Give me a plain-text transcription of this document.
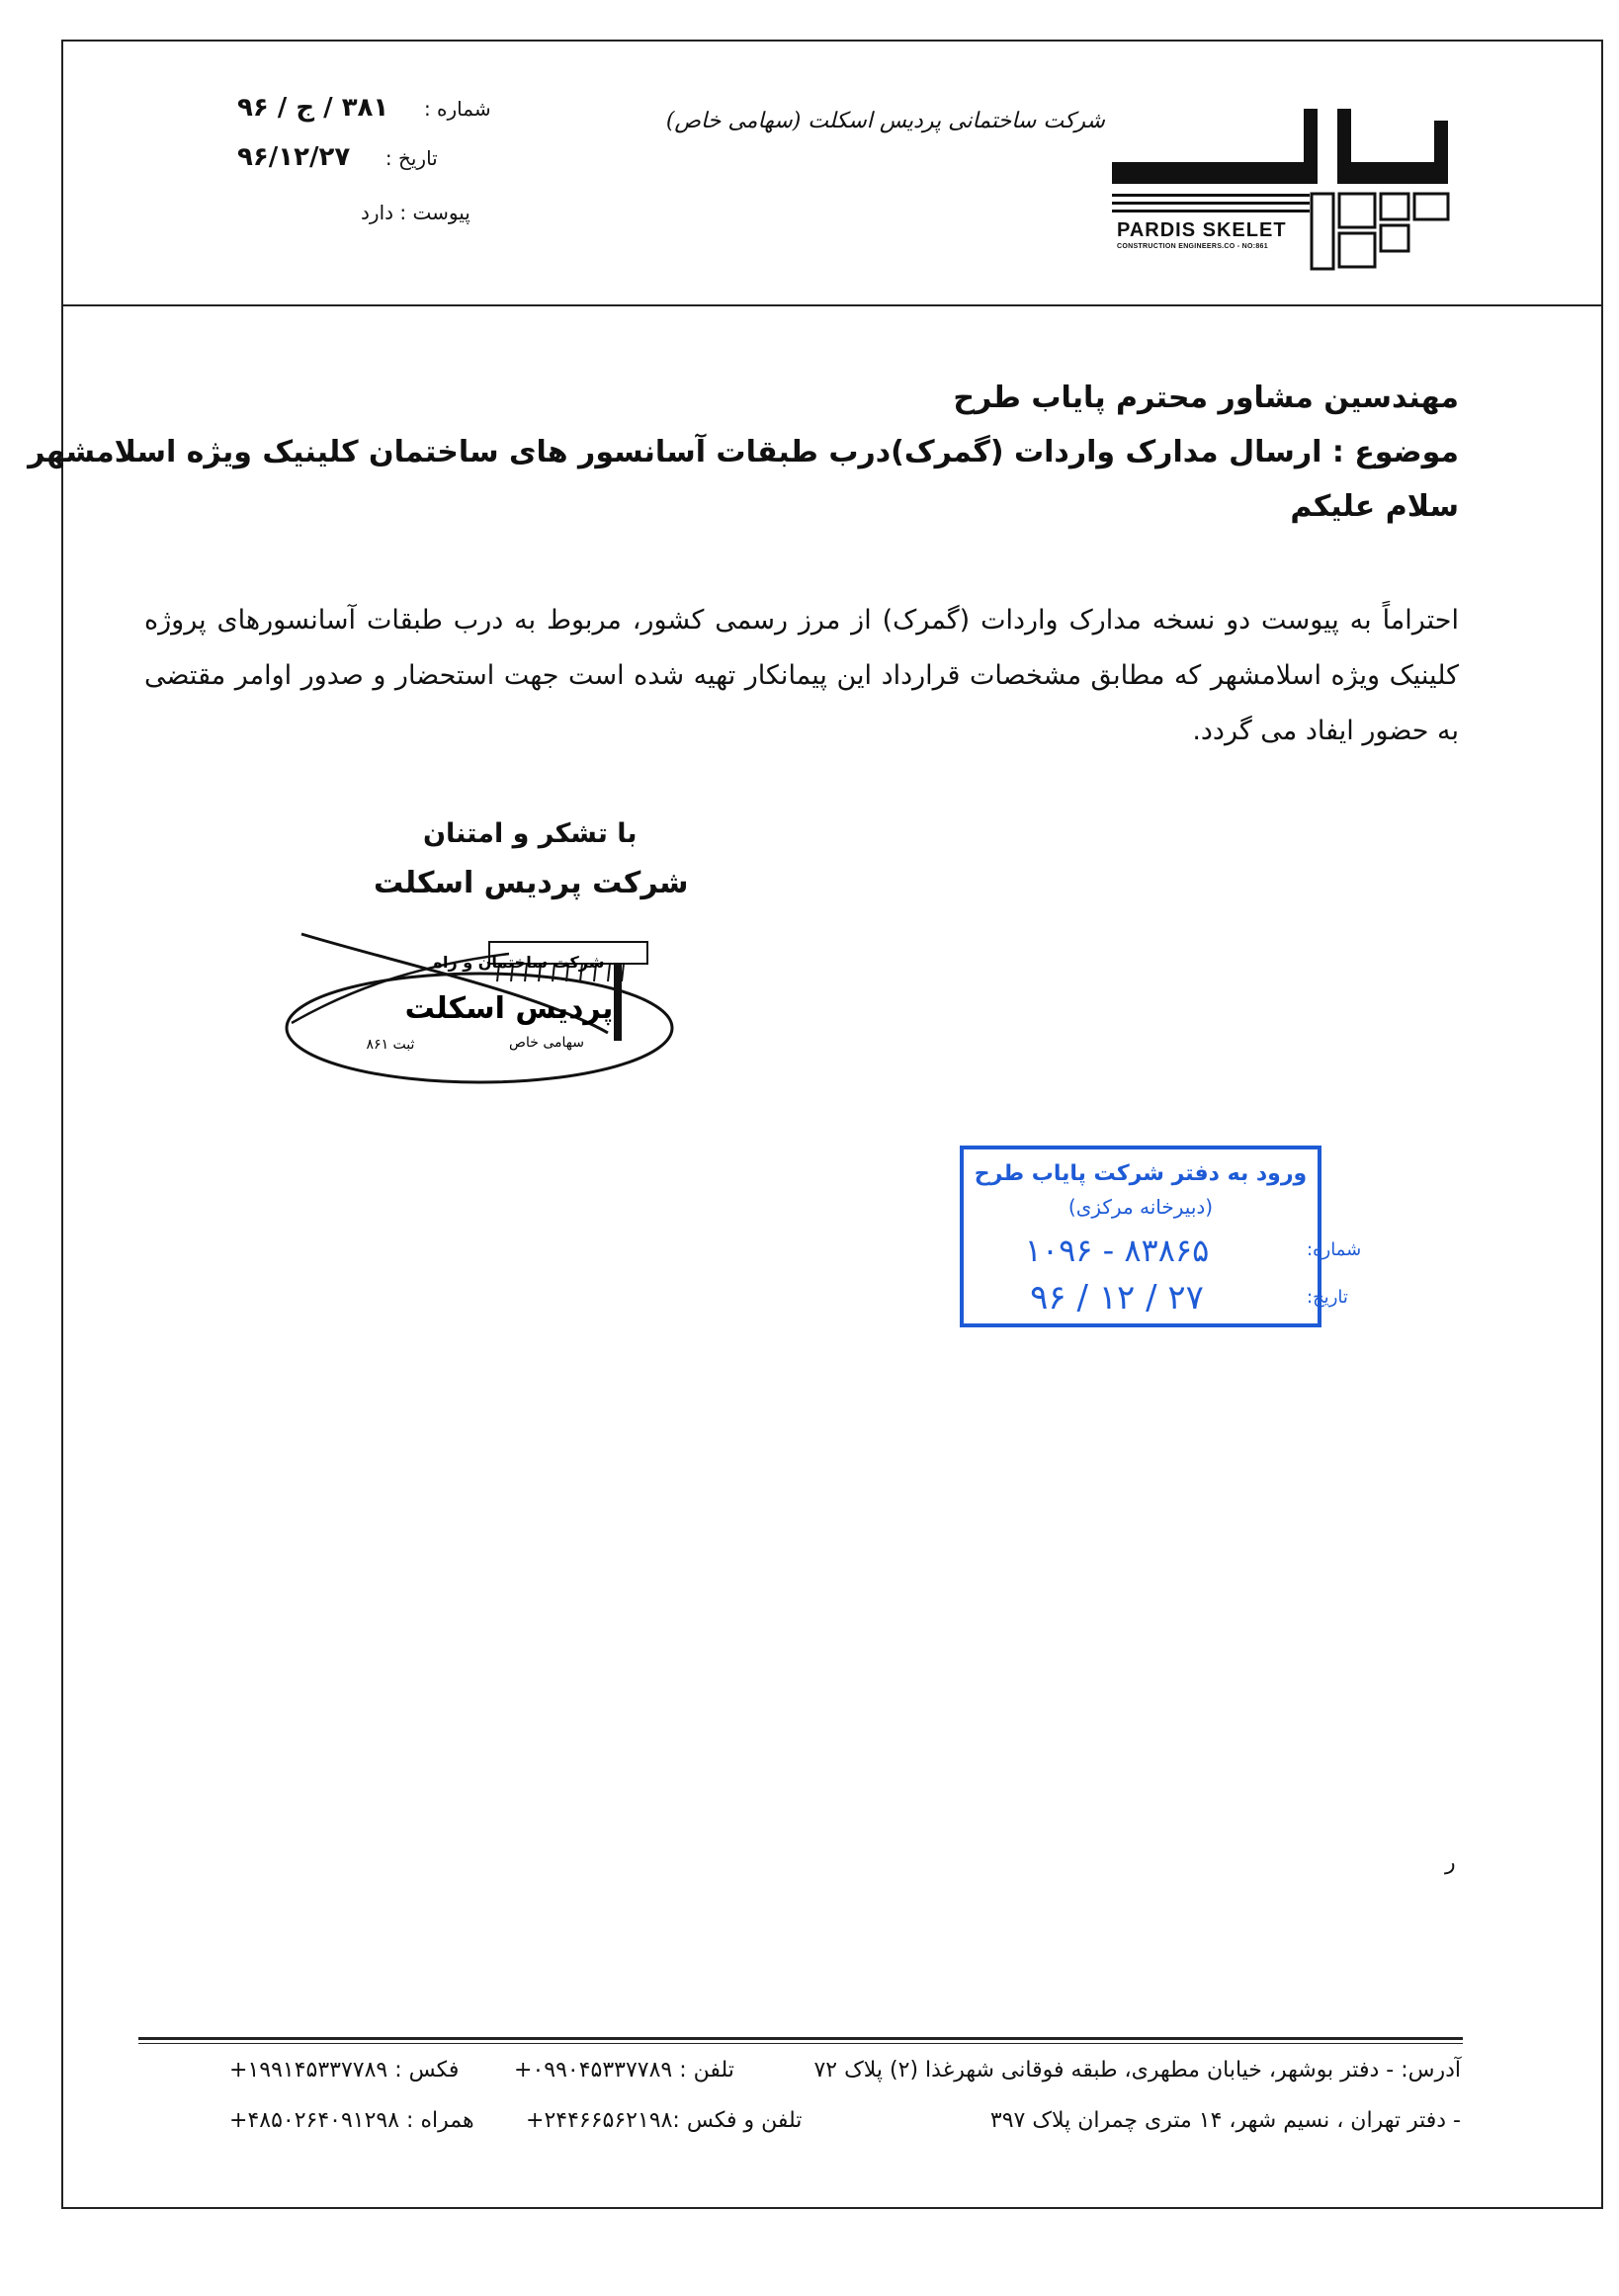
شماره : ۳۸۱ / ج / ۹۶
تاریخ : ۹۶/۱۲/۲۷
پیوست : دارد
شرکت ساختمانی پردیس اسکلت (سهامی خاص)
PARDIS SKELET
CONSTRUCTION ENGINEERS.CO - NO:861
مهندسین مشاور محترم پایاب طرح
موضوع : ارسال مدارک واردات (گمرک)درب طبقات آسانسور های ساختمان کلینیک ویژه اسلامشهر
سلام علیکم
احتراماً به پیوست دو نسخه مدارک واردات (گمرک) از مرز رسمی کشور، مربوط به درب طبقات آسانسورهای پروژه کلینیک ویژه اسلامشهر که مطابق مشخصات قرارداد این پیمانکار تهیه شده است جهت استحضار و صدور اوامر مقتضی به حضور ایفاد می گردد.
با تشکر و امتنان
شرکت پردیس اسکلت
شرکت ساختمان و راه
پردیس اسکلت
سهامی خاص
ثبت ۸۶۱
ورود به دفتر شرکت پایاب طرح
(دبیرخانه مرکزی)
شماره:
۸۳۸۶۵ - ۱۰۹۶
تاریخ:
۲۷ / ۱۲ / ۹۶
ر
آدرس: - دفتر بوشهر، خیابان مطهری، طبقه فوقانی شهرغذا (۲) پلاک ۷۲
تلفن : ۰۹۹۰‎۴۵‎۳۳‎۷۷‎۸۹+
فکس : ۱۹۹۱‎۴۵‎۳۳‎۷۷‎۸۹+
- دفتر تهران ، نسیم شهر، ۱۴ متری چمران پلاک ۳۹۷
تلفن و فکس :۲۴۴‎۶۶‎۵۶‎۲۱‎۹۸+
همراه : ۴۸۵۰‎۲۶۴۰‎۹۱۲‎۹۸+
